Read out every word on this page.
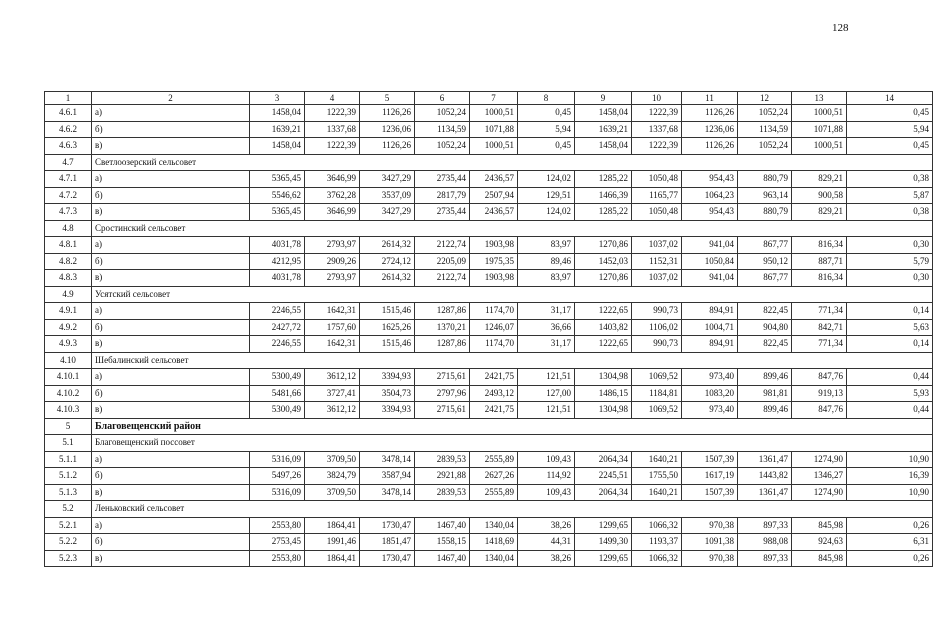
128
1	2	3	4	5	6	7	8	9	10	11	12	13	14
4.6.1	а)	1458,04	1222,39	1126,26	1052,24	1000,51	0,45	1458,04	1222,39	1126,26	1052,24	1000,51	0,45
4.6.2	б)	1639,21	1337,68	1236,06	1134,59	1071,88	5,94	1639,21	1337,68	1236,06	1134,59	1071,88	5,94
4.6.3	в)	1458,04	1222,39	1126,26	1052,24	1000,51	0,45	1458,04	1222,39	1126,26	1052,24	1000,51	0,45
4.7	Светлоозерский сельсовет												
4.7.1	а)	5365,45	3646,99	3427,29	2735,44	2436,57	124,02	1285,22	1050,48	954,43	880,79	829,21	0,38
4.7.2	б)	5546,62	3762,28	3537,09	2817,79	2507,94	129,51	1466,39	1165,77	1064,23	963,14	900,58	5,87
4.7.3	в)	5365,45	3646,99	3427,29	2735,44	2436,57	124,02	1285,22	1050,48	954,43	880,79	829,21	0,38
4.8	Сростинский сельсовет												
4.8.1	а)	4031,78	2793,97	2614,32	2122,74	1903,98	83,97	1270,86	1037,02	941,04	867,77	816,34	0,30
4.8.2	б)	4212,95	2909,26	2724,12	2205,09	1975,35	89,46	1452,03	1152,31	1050,84	950,12	887,71	5,79
4.8.3	в)	4031,78	2793,97	2614,32	2122,74	1903,98	83,97	1270,86	1037,02	941,04	867,77	816,34	0,30
4.9	Усятский сельсовет												
4.9.1	а)	2246,55	1642,31	1515,46	1287,86	1174,70	31,17	1222,65	990,73	894,91	822,45	771,34	0,14
4.9.2	б)	2427,72	1757,60	1625,26	1370,21	1246,07	36,66	1403,82	1106,02	1004,71	904,80	842,71	5,63
4.9.3	в)	2246,55	1642,31	1515,46	1287,86	1174,70	31,17	1222,65	990,73	894,91	822,45	771,34	0,14
4.10	Шебалинский сельсовет												
4.10.1	а)	5300,49	3612,12	3394,93	2715,61	2421,75	121,51	1304,98	1069,52	973,40	899,46	847,76	0,44
4.10.2	б)	5481,66	3727,41	3504,73	2797,96	2493,12	127,00	1486,15	1184,81	1083,20	981,81	919,13	5,93
4.10.3	в)	5300,49	3612,12	3394,93	2715,61	2421,75	121,51	1304,98	1069,52	973,40	899,46	847,76	0,44
5	Благовещенский район												
5.1	Благовещенский поссовет												
5.1.1	а)	5316,09	3709,50	3478,14	2839,53	2555,89	109,43	2064,34	1640,21	1507,39	1361,47	1274,90	10,90
5.1.2	б)	5497,26	3824,79	3587,94	2921,88	2627,26	114,92	2245,51	1755,50	1617,19	1443,82	1346,27	16,39
5.1.3	в)	5316,09	3709,50	3478,14	2839,53	2555,89	109,43	2064,34	1640,21	1507,39	1361,47	1274,90	10,90
5.2	Леньковский сельсовет												
5.2.1	а)	2553,80	1864,41	1730,47	1467,40	1340,04	38,26	1299,65	1066,32	970,38	897,33	845,98	0,26
5.2.2	б)	2753,45	1991,46	1851,47	1558,15	1418,69	44,31	1499,30	1193,37	1091,38	988,08	924,63	6,31
5.2.3	в)	2553,80	1864,41	1730,47	1467,40	1340,04	38,26	1299,65	1066,32	970,38	897,33	845,98	0,26
